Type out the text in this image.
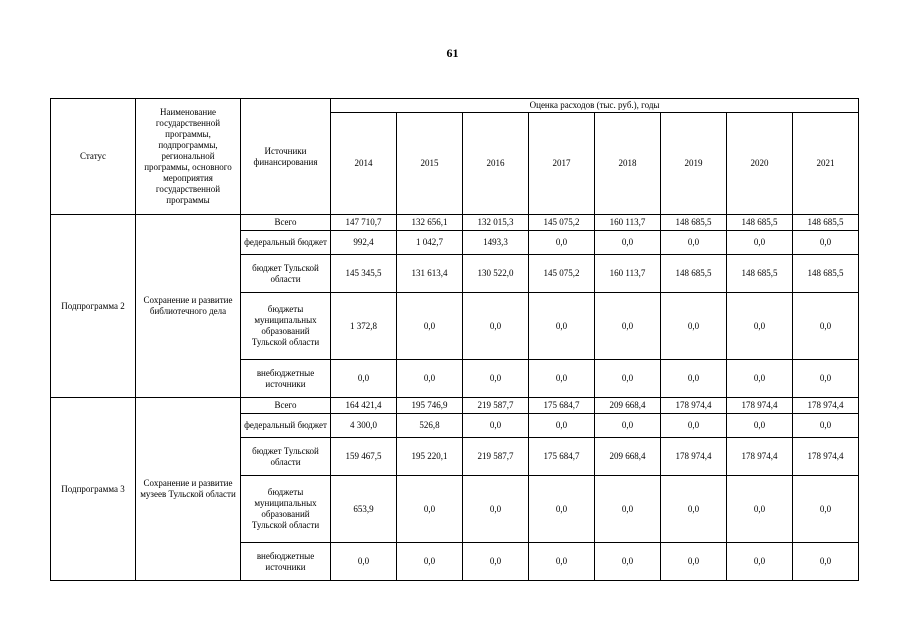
61
Статус	Наименование государственной программы, подпрограммы, региональной программы, основного мероприятия государственной программы	Источники финансирования	Оценка расходов (тыс. руб.), годы							
			2014	2015	2016	2017	2018	2019	2020	2021
Подпрограмма 2	Сохранение и развитие библиотечного дела	Всего	147 710,7	132 656,1	132 015,3	145 075,2	160 113,7	148 685,5	148 685,5	148 685,5
		федеральный бюджет	992,4	1 042,7	1493,3	0,0	0,0	0,0	0,0	0,0
		бюджет Тульской области	145 345,5	131 613,4	130 522,0	145 075,2	160 113,7	148 685,5	148 685,5	148 685,5
		бюджеты муниципальных образований Тульской области	1 372,8	0,0	0,0	0,0	0,0	0,0	0,0	0,0
		внебюджетные источники	0,0	0,0	0,0	0,0	0,0	0,0	0,0	0,0
Подпрограмма 3	Сохранение и развитие музеев Тульской области	Всего	164 421,4	195 746,9	219 587,7	175 684,7	209 668,4	178 974,4	178 974,4	178 974,4
		федеральный бюджет	4 300,0	526,8	0,0	0,0	0,0	0,0	0,0	0,0
		бюджет Тульской области	159 467,5	195 220,1	219 587,7	175 684,7	209 668,4	178 974,4	178 974,4	178 974,4
		бюджеты муниципальных образований Тульской области	653,9	0,0	0,0	0,0	0,0	0,0	0,0	0,0
		внебюджетные источники	0,0	0,0	0,0	0,0	0,0	0,0	0,0	0,0
